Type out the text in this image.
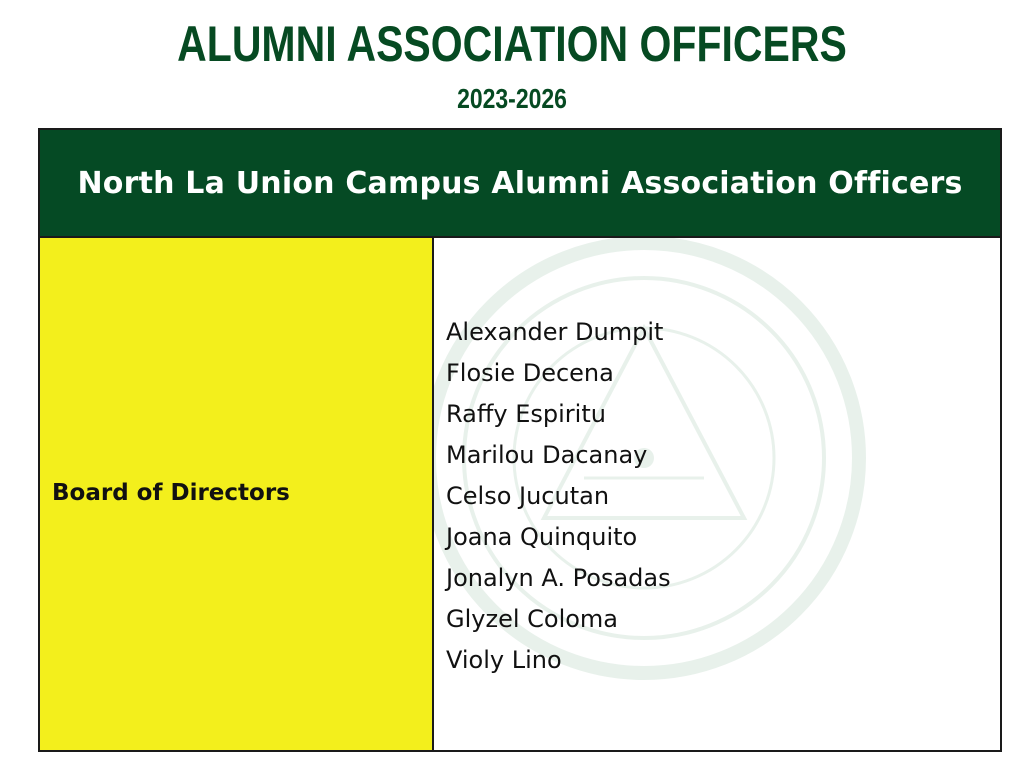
ALUMNI ASSOCIATION OFFICERS
2023-2026
North La Union Campus Alumni Association Officers
Board of Directors
Alexander Dumpit
Flosie Decena
Raffy Espiritu
Marilou Dacanay
Celso Jucutan
Joana Quinquito
Jonalyn A. Posadas
Glyzel Coloma
Violy Lino
